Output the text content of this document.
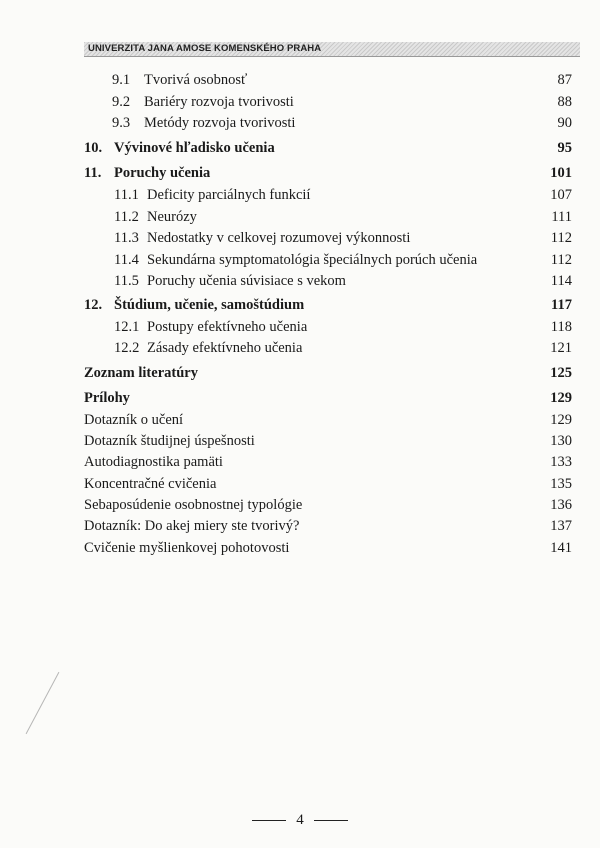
UNIVERZITA JANA AMOSE KOMENSKÉHO PRAHA
9.1 Tvorivá osobnosť	87
9.2 Bariéry rozvoja tvorivosti	88
9.3 Metódy rozvoja tvorivosti	90
10. Vývinové hľadisko učenia	95
11. Poruchy učenia	101
11.1 Deficity parciálnych funkcií	107
11.2 Neurózy	111
11.3 Nedostatky v celkovej rozumovej výkonnosti	112
11.4 Sekundárna symptomatológia špeciálnych porúch učenia	112
11.5 Poruchy učenia súvisiace s vekom	114
12. Štúdium, učenie, samoštúdium	117
12.1 Postupy efektívneho učenia	118
12.2 Zásady efektívneho učenia	121
Zoznam literatúry	125
Prílohy	129
Dotazník o učení	129
Dotazník študijnej úspešnosti	130
Autodiagnostika pamäti	133
Koncentračné cvičenia	135
Sebaposúdenie osobnostnej typológie	136
Dotazník: Do akej miery ste tvorivý?	137
Cvičenie myšlienkovej pohotovosti	141
4
